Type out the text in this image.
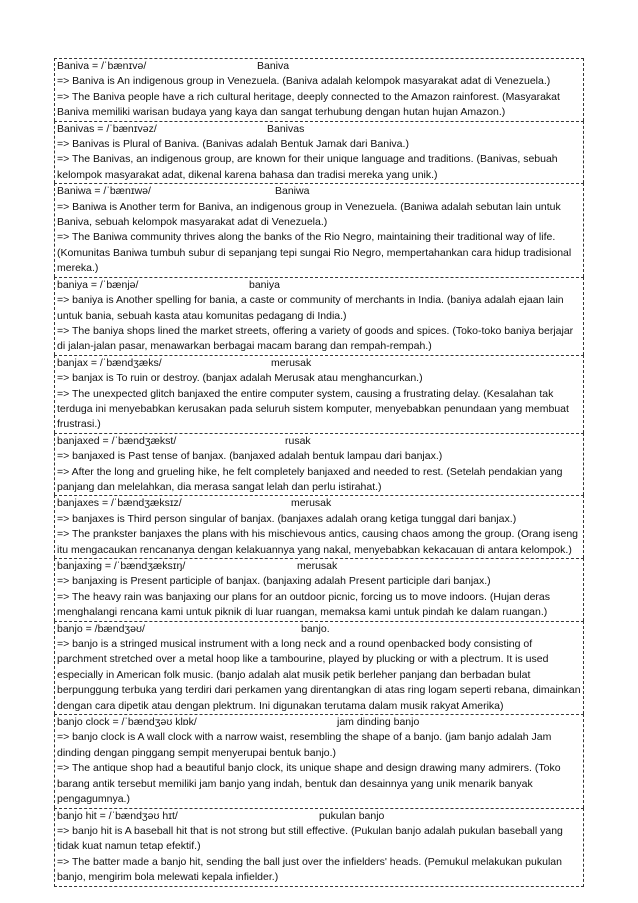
Baniva = /ˈbænɪvə/	Baniva
=> Baniva is An indigenous group in Venezuela. (Baniva adalah kelompok masyarakat adat di Venezuela.)
=> The Baniva people have a rich cultural heritage, deeply connected to the Amazon rainforest. (Masyarakat Baniva memiliki warisan budaya yang kaya dan sangat terhubung dengan hutan hujan Amazon.)
Banivas = /ˈbænɪvəz/	Banivas
=> Banivas is Plural of Baniva. (Banivas adalah Bentuk Jamak dari Baniva.)
=> The Banivas, an indigenous group, are known for their unique language and traditions. (Banivas, sebuah kelompok masyarakat adat, dikenal karena bahasa dan tradisi mereka yang unik.)
Baniwa = /ˈbænɪwə/	Baniwa
=> Baniwa is Another term for Baniva, an indigenous group in Venezuela. (Baniwa adalah sebutan lain untuk Baniva, sebuah kelompok masyarakat adat di Venezuela.)
=> The Baniwa community thrives along the banks of the Rio Negro, maintaining their traditional way of life. (Komunitas Baniwa tumbuh subur di sepanjang tepi sungai Rio Negro, mempertahankan cara hidup tradisional mereka.)
baniya = /ˈbænjə/	baniya
=> baniya is Another spelling for bania, a caste or community of merchants in India. (baniya adalah ejaan lain untuk bania, sebuah kasta atau komunitas pedagang di India.)
=> The baniya shops lined the market streets, offering a variety of goods and spices. (Toko-toko baniya berjajar di jalan-jalan pasar, menawarkan berbagai macam barang dan rempah-rempah.)
banjax = /ˈbændʒæks/	merusak
=> banjax is To ruin or destroy. (banjax adalah Merusak atau menghancurkan.)
=> The unexpected glitch banjaxed the entire computer system, causing a frustrating delay. (Kesalahan tak terduga ini menyebabkan kerusakan pada seluruh sistem komputer, menyebabkan penundaan yang membuat frustrasi.)
banjaxed = /ˈbændʒækst/	rusak
=> banjaxed is Past tense of banjax. (banjaxed adalah bentuk lampau dari banjax.)
=> After the long and grueling hike, he felt completely banjaxed and needed to rest. (Setelah pendakian yang panjang dan melelahkan, dia merasa sangat lelah dan perlu istirahat.)
banjaxes = /ˈbændʒæksɪz/	merusak
=> banjaxes is Third person singular of banjax. (banjaxes adalah orang ketiga tunggal dari banjax.)
=> The prankster banjaxes the plans with his mischievous antics, causing chaos among the group. (Orang iseng itu mengacaukan rencananya dengan kelakuannya yang nakal, menyebabkan kekacauan di antara kelompok.)
banjaxing = /ˈbændʒæksɪŋ/	merusak
=> banjaxing is Present participle of banjax. (banjaxing adalah Present participle dari banjax.)
=> The heavy rain was banjaxing our plans for an outdoor picnic, forcing us to move indoors. (Hujan deras menghalangi rencana kami untuk piknik di luar ruangan, memaksa kami untuk pindah ke dalam ruangan.)
banjo = /bændʒəʊ/	banjo.
=> banjo is a stringed musical instrument with a long neck and a round openbacked body consisting of parchment stretched over a metal hoop like a tambourine, played by plucking or with a plectrum. It is used especially in American folk music. (banjo adalah alat musik petik berleher panjang dan berbadan bulat berpunggung terbuka yang terdiri dari perkamen yang direntangkan di atas ring logam seperti rebana, dimainkan dengan cara dipetik atau dengan plektrum. Ini digunakan terutama dalam musik rakyat Amerika)
banjo clock = /ˈbændʒəʊ klɒk/	jam dinding banjo
=> banjo clock is A wall clock with a narrow waist, resembling the shape of a banjo. (jam banjo adalah Jam dinding dengan pinggang sempit menyerupai bentuk banjo.)
=> The antique shop had a beautiful banjo clock, its unique shape and design drawing many admirers. (Toko barang antik tersebut memiliki jam banjo yang indah, bentuk dan desainnya yang unik menarik banyak pengagumnya.)
banjo hit = /ˈbændʒəʊ hɪt/	pukulan banjo
=> banjo hit is A baseball hit that is not strong but still effective. (Pukulan banjo adalah pukulan baseball yang tidak kuat namun tetap efektif.)
=> The batter made a banjo hit, sending the ball just over the infielders' heads. (Pemukul melakukan pukulan banjo, mengirim bola melewati kepala infielder.)
